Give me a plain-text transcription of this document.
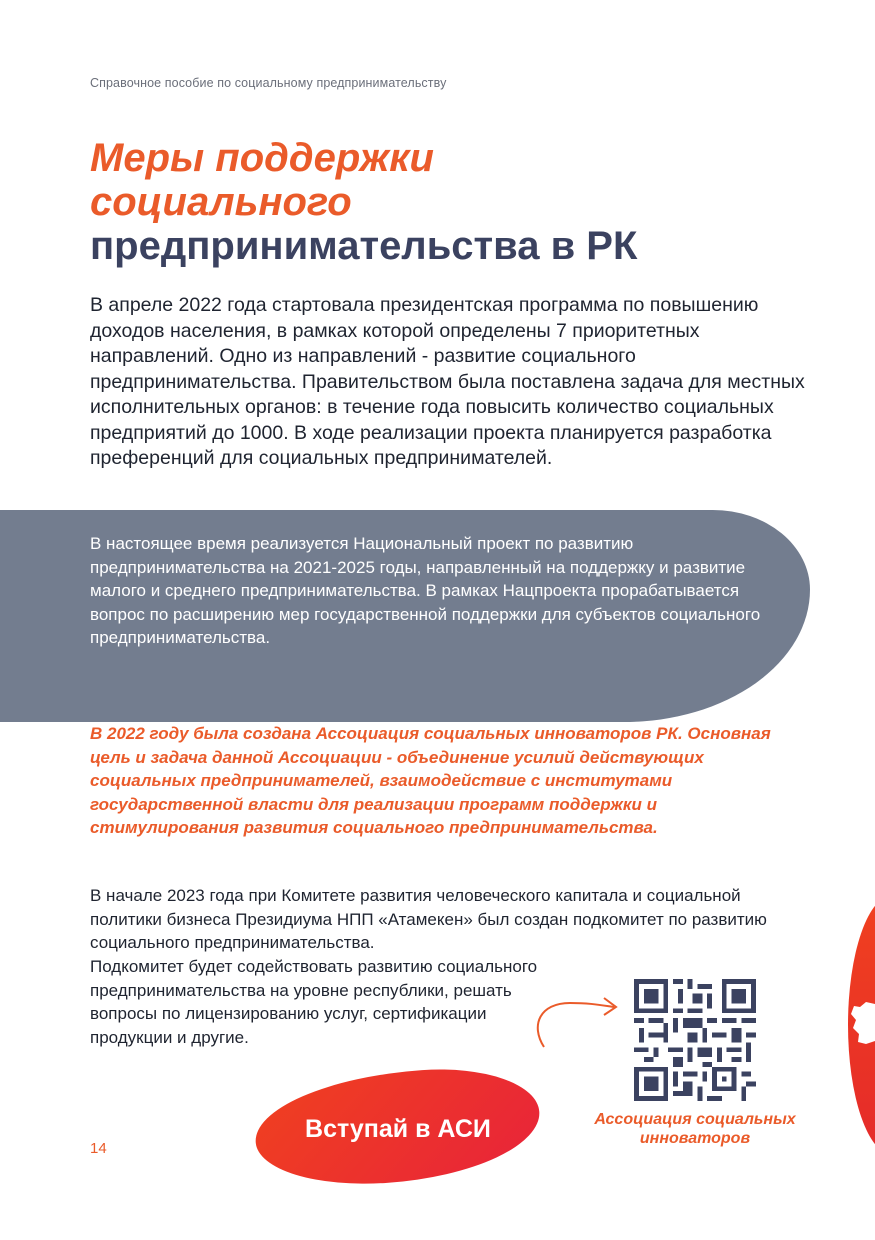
Справочное пособие по социальному предпринимательству
Меры поддержки
социального
предпринимательства в РК

В апреле 2022 года стартовала президентская программа по повышению доходов населения, в рамках которой определены 7 приоритетных направлений. Одно из направлений - развитие социального предпринимательства. Правительством была поставлена задача для местных исполнительных органов: в течение года повысить количество социальных предприятий до 1000. В ходе реализации проекта планируется разработка преференций для социальных предпринимателей.

В настоящее время реализуется Национальный проект по развитию предпринимательства на 2021-2025 годы, направленный на поддержку и развитие малого и среднего предпринимательства. В рамках Нацпроекта прорабатывается вопрос по расширению мер государственной поддержки для субъектов социального предпринимательства.

В 2022 году была создана Ассоциация социальных инноваторов РК. Основная цель и задача данной Ассоциации - объединение усилий действующих социальных предпринимателей, взаимодействие с институтами государственной власти для реализации программ поддержки и стимулирования развития социального предпринимательства.

В начале 2023 года при Комитете развития человеческого капитала и социальной политики бизнеса Президиума НПП «Атамекен» был создан подкомитет по развитию социального предпринимательства.

Подкомитет будет содействовать развитию социального предпринимательства на уровне республики, решать вопросы по лицензированию услуг, сертификации продукции и другие.

Вступай в АСИ	Ассоциация социальных инноваторов

14
